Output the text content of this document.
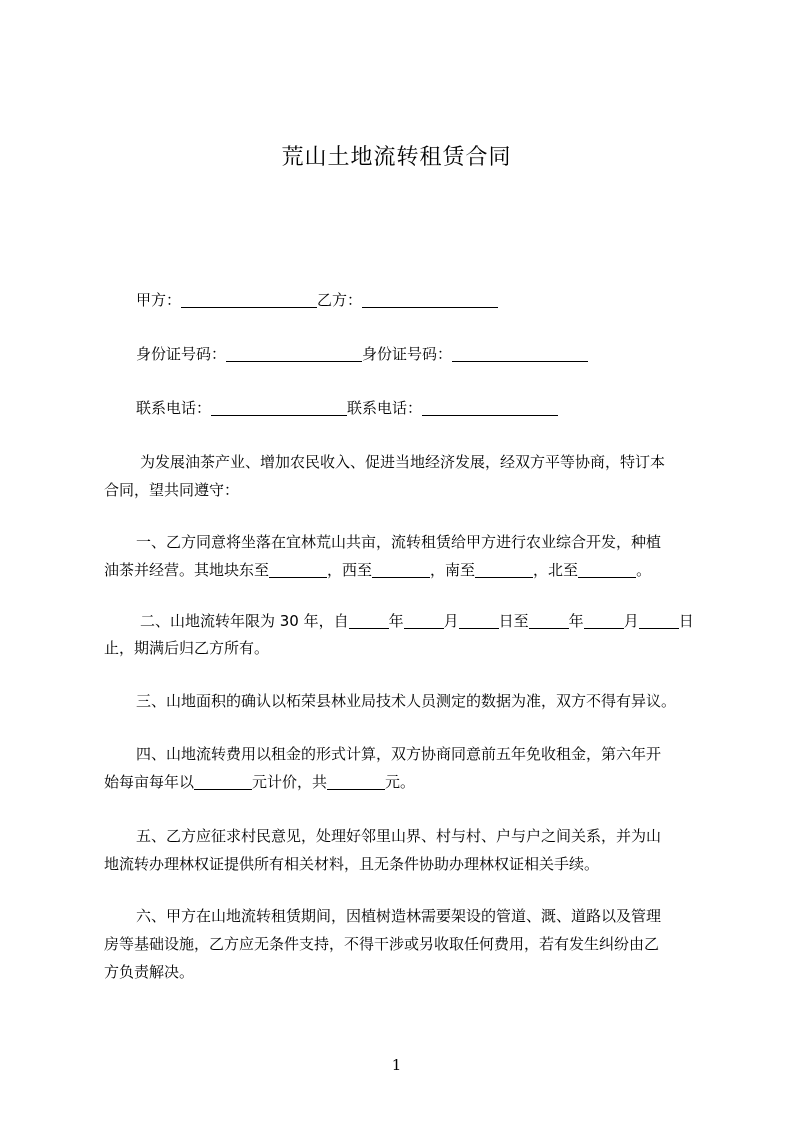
荒山土地流转租赁合同
甲方：	乙方：
身份证号码：	身份证号码：
联系电话：	联系电话：
为发展油茶产业、增加农民收入、促进当地经济发展，经双方平等协商，特订本
合同，望共同遵守：
一、乙方同意将坐落在宜林荒山共亩，流转租赁给甲方进行农业综合开发，种植
油茶并经营。其地块东至	，西至	，南至	，北至	。
二、山地流转年限为 30 年，自	年	月	日至	年	月	日
止，期满后归乙方所有。
三、山地面积的确认以柘荣县林业局技术人员测定的数据为准，双方不得有异议。
四、山地流转费用以租金的形式计算，双方协商同意前五年免收租金，第六年开
始每亩每年以	元计价，共	元。
五、乙方应征求村民意见，处理好邻里山界、村与村、户与户之间关系，并为山
地流转办理林权证提供所有相关材料，且无条件协助办理林权证相关手续。
六、甲方在山地流转租赁期间，因植树造林需要架设的管道、溉、道路以及管理
房等基础设施，乙方应无条件支持，不得干涉或另收取任何费用，若有发生纠纷由乙
方负责解决。
1
